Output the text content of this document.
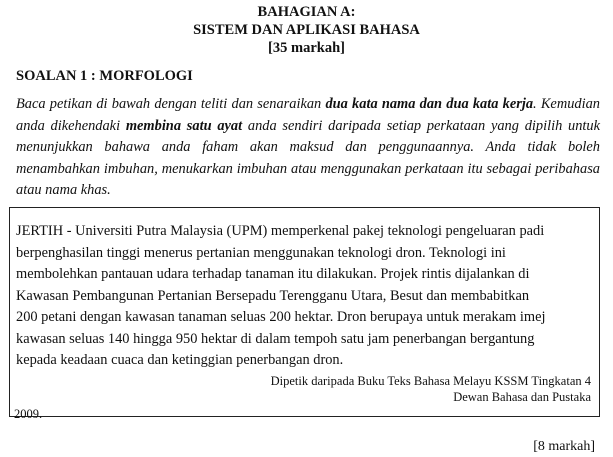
BAHAGIAN A:
SISTEM DAN APLIKASI BAHASA
[35 markah]
SOALAN 1 : MORFOLOGI
Baca petikan di bawah dengan teliti dan senaraikan dua kata nama dan dua kata kerja. Kemudian anda dikehendaki membina satu ayat anda sendiri daripada setiap perkataan yang dipilih untuk menunjukkan bahawa anda faham akan maksud dan penggunaannya. Anda tidak boleh menambahkan imbuhan, menukarkan imbuhan atau menggunakan perkataan itu sebagai peribahasa atau nama khas.
JERTIH - Universiti Putra Malaysia (UPM) memperkenal pakej teknologi pengeluaran padi
berpenghasilan tinggi menerus pertanian menggunakan teknologi dron. Teknologi ini
membolehkan pantauan udara terhadap tanaman itu dilakukan. Projek rintis dijalankan di
Kawasan Pembangunan Pertanian Bersepadu Terengganu Utara, Besut dan membabitkan
200 petani dengan kawasan tanaman seluas 200 hektar. Dron berupaya untuk merakam imej
kawasan seluas 140 hingga 950 hektar di dalam tempoh satu jam penerbangan bergantung
kepada keadaan cuaca dan ketinggian penerbangan dron.
Dipetik daripada Buku Teks Bahasa Melayu KSSM Tingkatan 4
Dewan Bahasa dan Pustaka
2009.
[8 markah]
